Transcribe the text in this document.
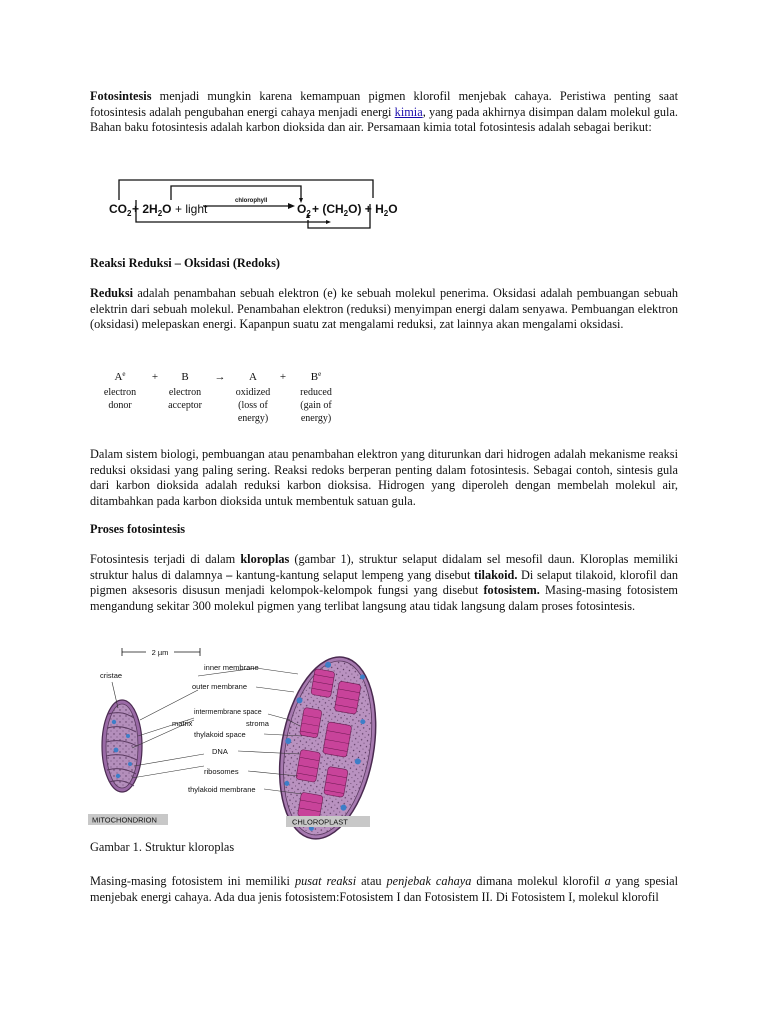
Fotosintesis menjadi mungkin karena kemampuan pigmen klorofil menjebak cahaya. Peristiwa penting saat fotosintesis adalah pengubahan energi cahaya menjadi energi kimia, yang pada akhirnya disimpan dalam molekul gula. Bahan baku fotosintesis adalah karbon dioksida dan air. Persamaan kimia total fotosintesis adalah sebagai berikut:

$CO_2 + 2H_2O$ + light
chlorophyll
$O_2 + (CH_2O) + H_2O$

Reaksi Reduksi – Oksidasi (Redoks)

Reduksi adalah penambahan sebuah elektron (e) ke sebuah molekul penerima. Oksidasi adalah pembuangan sebuah elektrin dari sebuah molekul. Penambahan elektron (reduksi) menyimpan energi dalam senyawa. Pembuangan elektron (oksidasi) melepaskan energi. Kapanpun suatu zat mengalami reduksi, zat lainnya akan mengalami oksidasi.

$A^e + B \to A + B^e$
electron
donor
electron
acceptor
oxidized
(loss of
energy)
reduced
(gain of
energy)

Dalam sistem biologi, pembuangan atau penambahan elektron yang diturunkan dari hidrogen adalah mekanisme reaksi reduksi oksidasi yang paling sering. Reaksi redoks berperan penting dalam fotosintesis. Sebagai contoh, sintesis gula dari karbon dioksida adalah reduksi karbon dioksisa. Hidrogen yang diperoleh dengan membelah molekul air, ditambahkan pada karbon dioksida untuk membentuk satuan gula.

Proses fotosintesis

Fotosintesis terjadi di dalam kloroplas (gambar 1), struktur selaput didalam sel mesofil daun. Kloroplas memiliki struktur halus di dalamnya – kantung-kantung selaput lempeng yang disebut tilakoid. Di selaput tilakoid, klorofil dan pigmen aksesoris disusun menjadi kelompok-kelompok fungsi yang disebut fotosistem. Masing-masing fotosistem mengandung sekitar 300 molekul pigmen yang terlibat langsung atau tidak langsung dalam proses fotosintesis.

2 µm
cristae
inner membrane
outer membrane
intermembrane space
matrix	stroma
thylakoid space
DNA
ribosomes
thylakoid membrane
MITOCHONDRION	CHLOROPLAST

Gambar 1. Struktur kloroplas

Masing-masing fotosistem ini memiliki pusat reaksi atau penjebak cahaya dimana molekul klorofil a yang spesial menjebak energi cahaya. Ada dua jenis fotosistem:Fotosistem I dan Fotosistem II. Di Fotosistem I, molekul klorofil
